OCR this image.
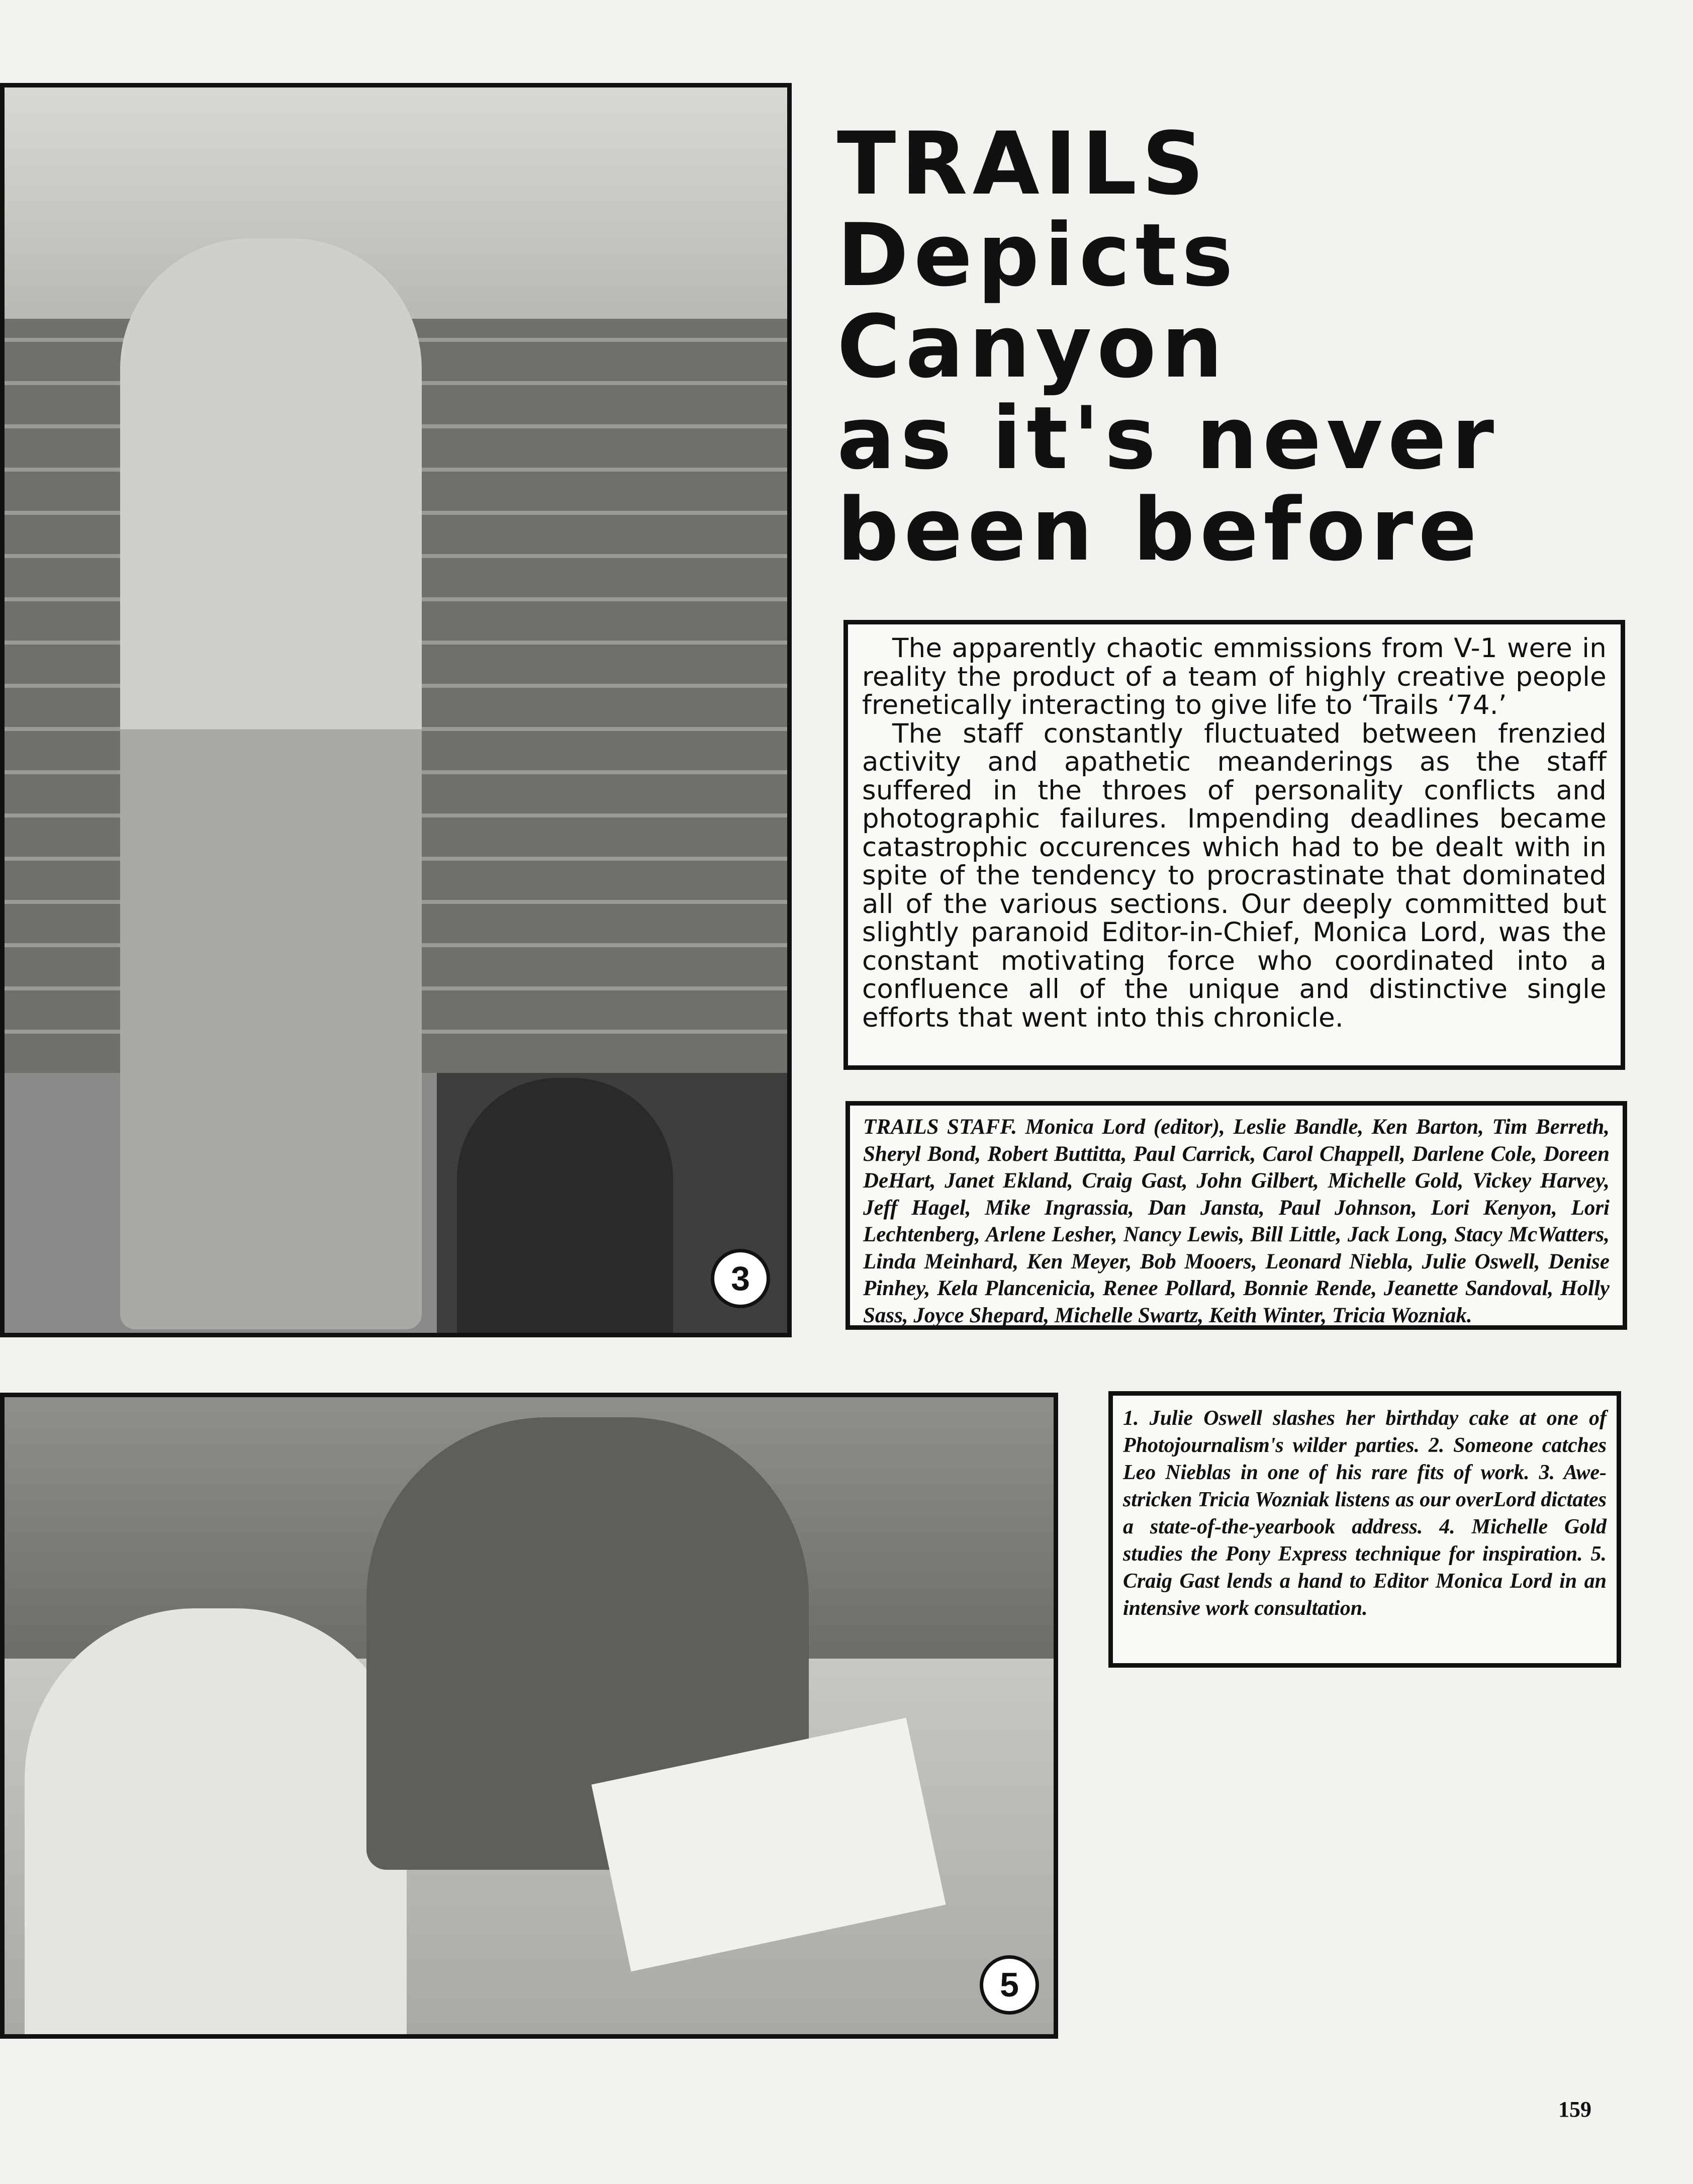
3
5
TRAILS
Depicts
Canyon
as it's never
been before

The apparently chaotic emmissions from V-1 were in reality the product of a team of highly creative people frenetically interacting to give life to ‘Trails ‘74.’

The staff constantly fluctuated between frenzied activity and apathetic meanderings as the staff suffered in the throes of personality conflicts and photographic failures. Impending deadlines became catastrophic occurences which had to be dealt with in spite of the tendency to procrastinate that dominated all of the various sections. Our deeply committed but slightly paranoid Editor-in-Chief, Monica Lord, was the constant motivating force who coordinated into a confluence all of the unique and distinctive single efforts that went into this chronicle.

TRAILS STAFF. Monica Lord (editor), Leslie Bandle, Ken Barton, Tim Berreth, Sheryl Bond, Robert Buttitta, Paul Carrick, Carol Chappell, Darlene Cole, Doreen DeHart, Janet Ekland, Craig Gast, John Gilbert, Michelle Gold, Vickey Harvey, Jeff Hagel, Mike Ingrassia, Dan Jansta, Paul Johnson, Lori Kenyon, Lori Lechtenberg, Arlene Lesher, Nancy Lewis, Bill Little, Jack Long, Stacy McWatters, Linda Meinhard, Ken Meyer, Bob Mooers, Leonard Niebla, Julie Oswell, Denise Pinhey, Kela Plancenicia, Renee Pollard, Bonnie Rende, Jeanette Sandoval, Holly Sass, Joyce Shepard, Michelle Swartz, Keith Winter, Tricia Wozniak.
1. Julie Oswell slashes her birthday cake at one of Photojournalism's wilder parties. 2. Someone catches Leo Nieblas in one of his rare fits of work. 3. Awe-stricken Tricia Wozniak listens as our overLord dictates a state-of-the-yearbook address. 4. Michelle Gold studies the Pony Express technique for inspiration. 5. Craig Gast lends a hand to Editor Monica Lord in an intensive work consultation.
159
